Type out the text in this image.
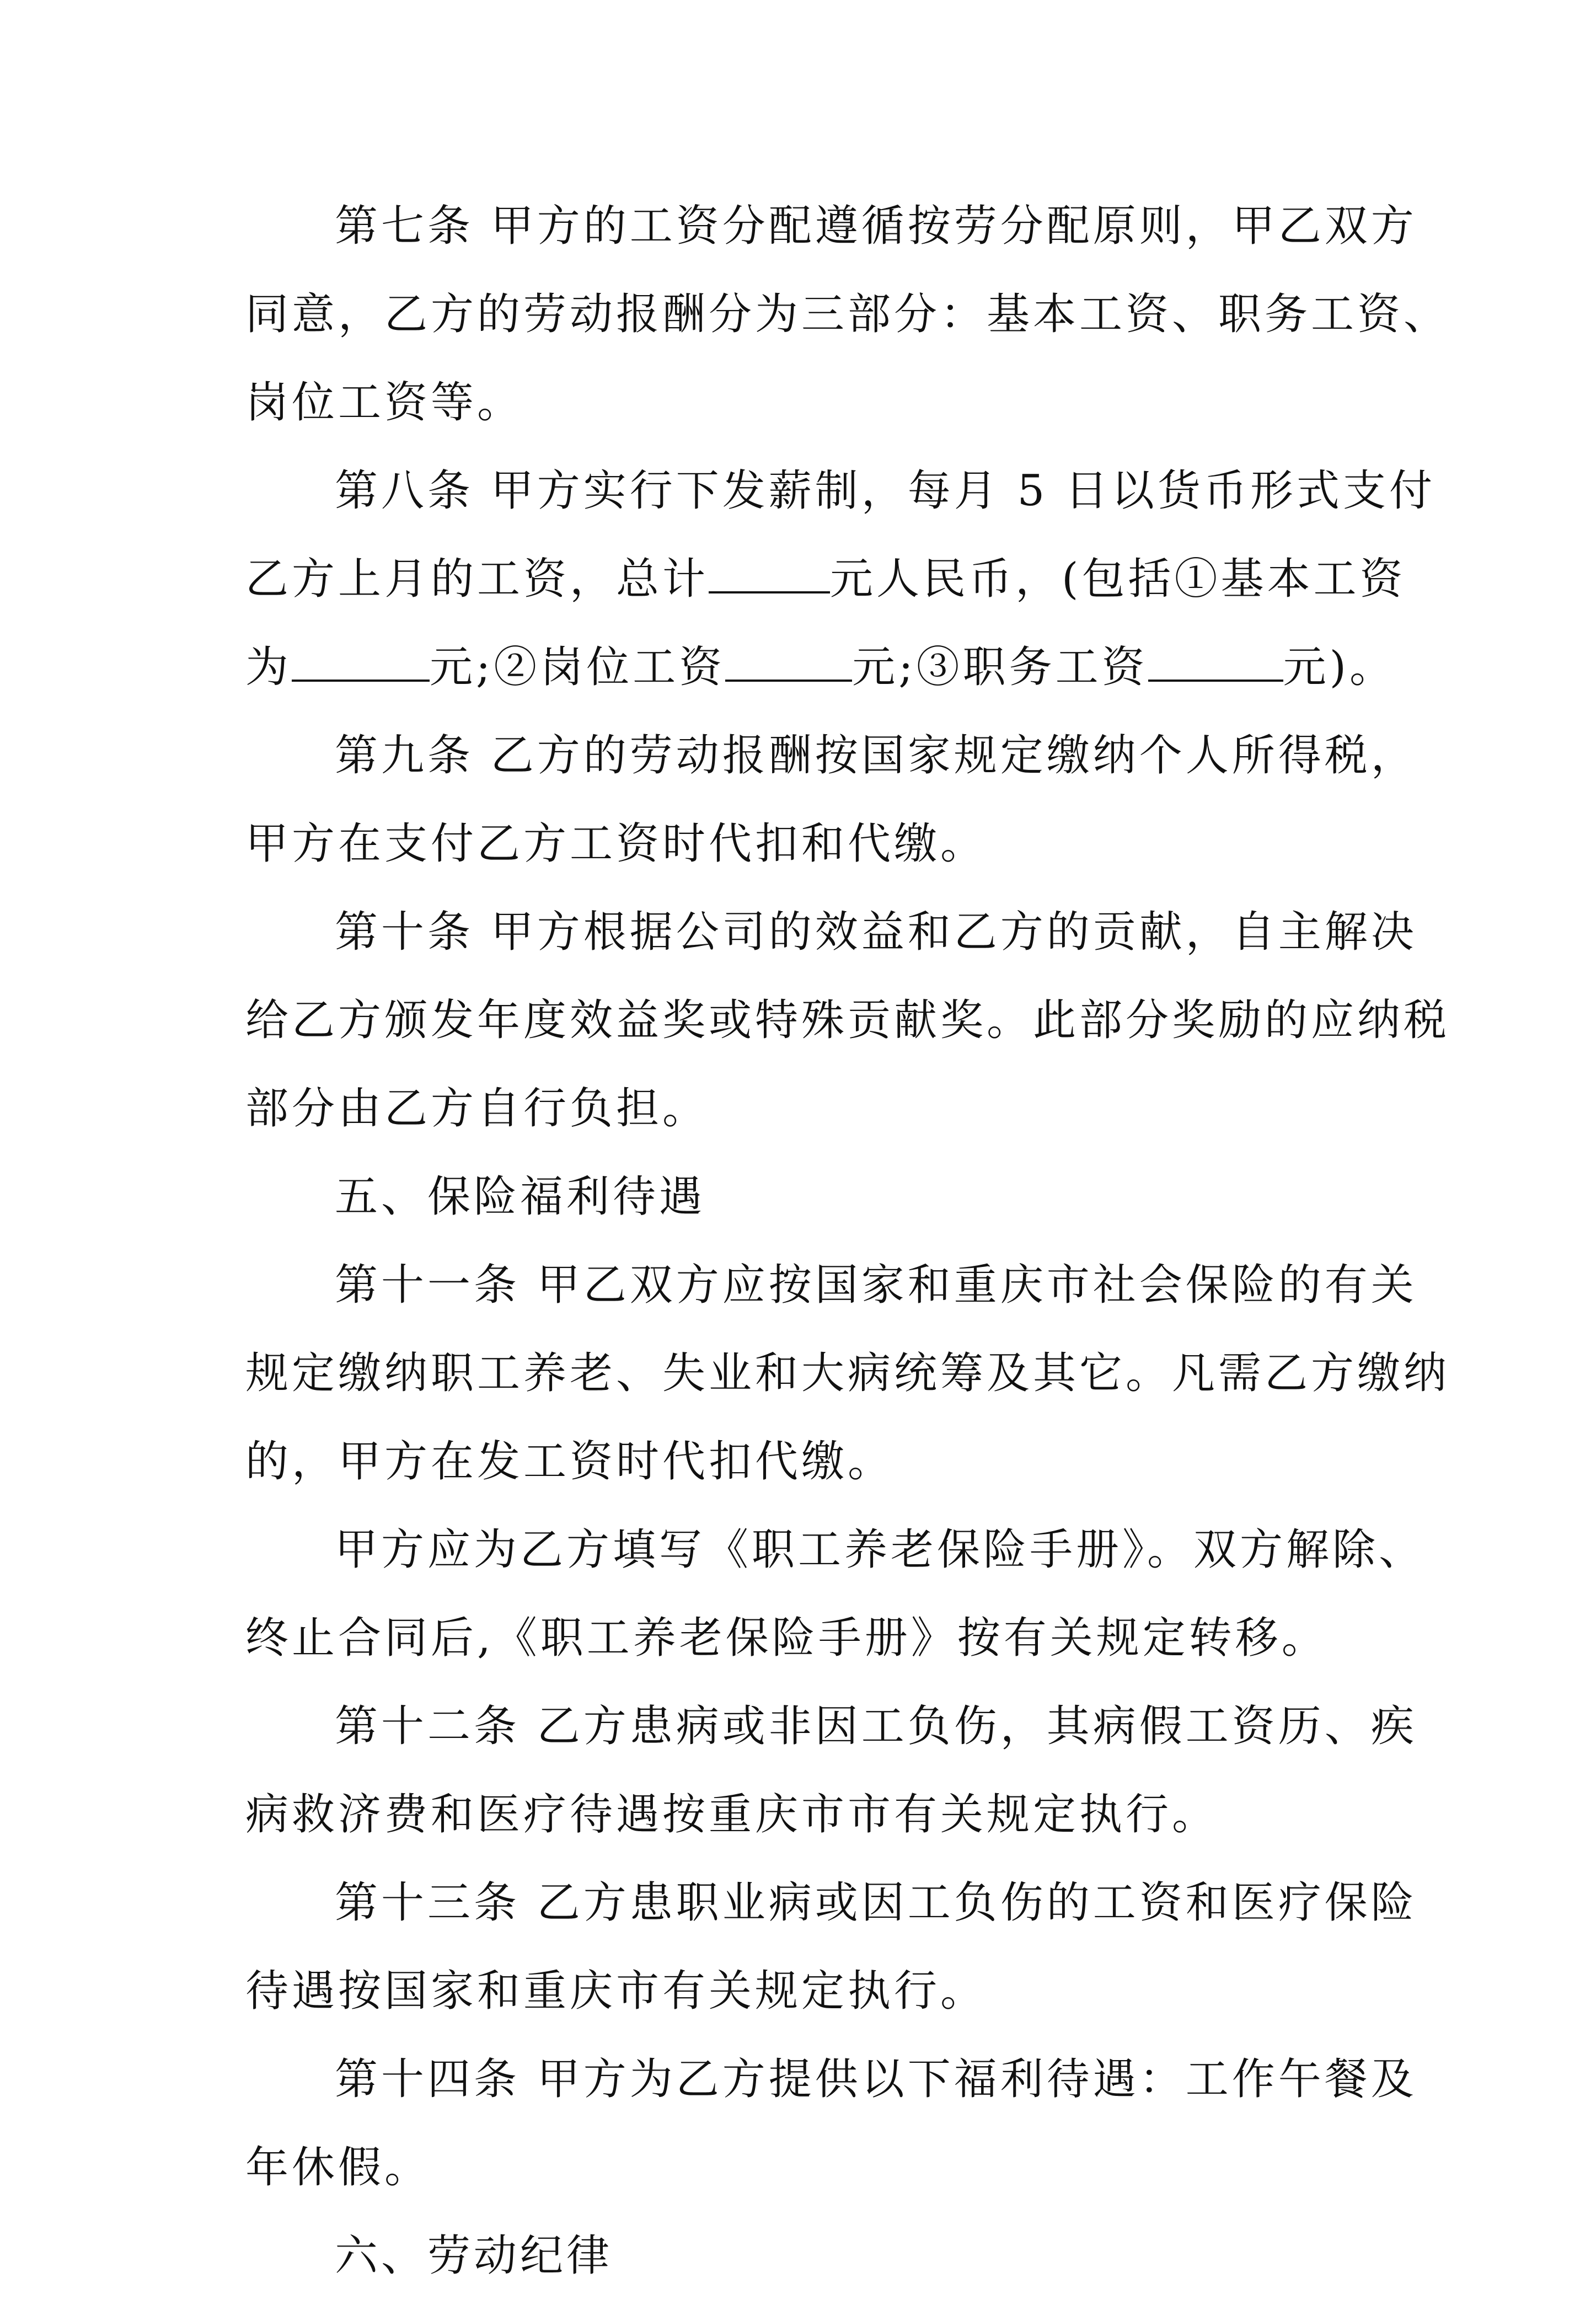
第七条 甲方的工资分配遵循按劳分配原则，甲乙双方
同意，乙方的劳动报酬分为三部分：基本工资、职务工资、
岗位工资等。
第八条 甲方实行下发薪制，每月 5 日以货币形式支付
乙方上月的工资，总计	元人民币，(包括①基本工资
为	元;②岗位工资	元;③职务工资	元)。
第九条 乙方的劳动报酬按国家规定缴纳个人所得税，
甲方在支付乙方工资时代扣和代缴。
第十条 甲方根据公司的效益和乙方的贡献，自主解决
给乙方颁发年度效益奖或特殊贡献奖。此部分奖励的应纳税
部分由乙方自行负担。
五、保险福利待遇
第十一条 甲乙双方应按国家和重庆市社会保险的有关
规定缴纳职工养老、失业和大病统筹及其它。凡需乙方缴纳
的，甲方在发工资时代扣代缴。
甲方应为乙方填写《职工养老保险手册》。双方解除、
终止合同后,《职工养老保险手册》按有关规定转移。
第十二条 乙方患病或非因工负伤，其病假工资历、疾
病救济费和医疗待遇按重庆市市有关规定执行。
第十三条 乙方患职业病或因工负伤的工资和医疗保险
待遇按国家和重庆市有关规定执行。
第十四条 甲方为乙方提供以下福利待遇：工作午餐及
年休假。
六、劳动纪律
